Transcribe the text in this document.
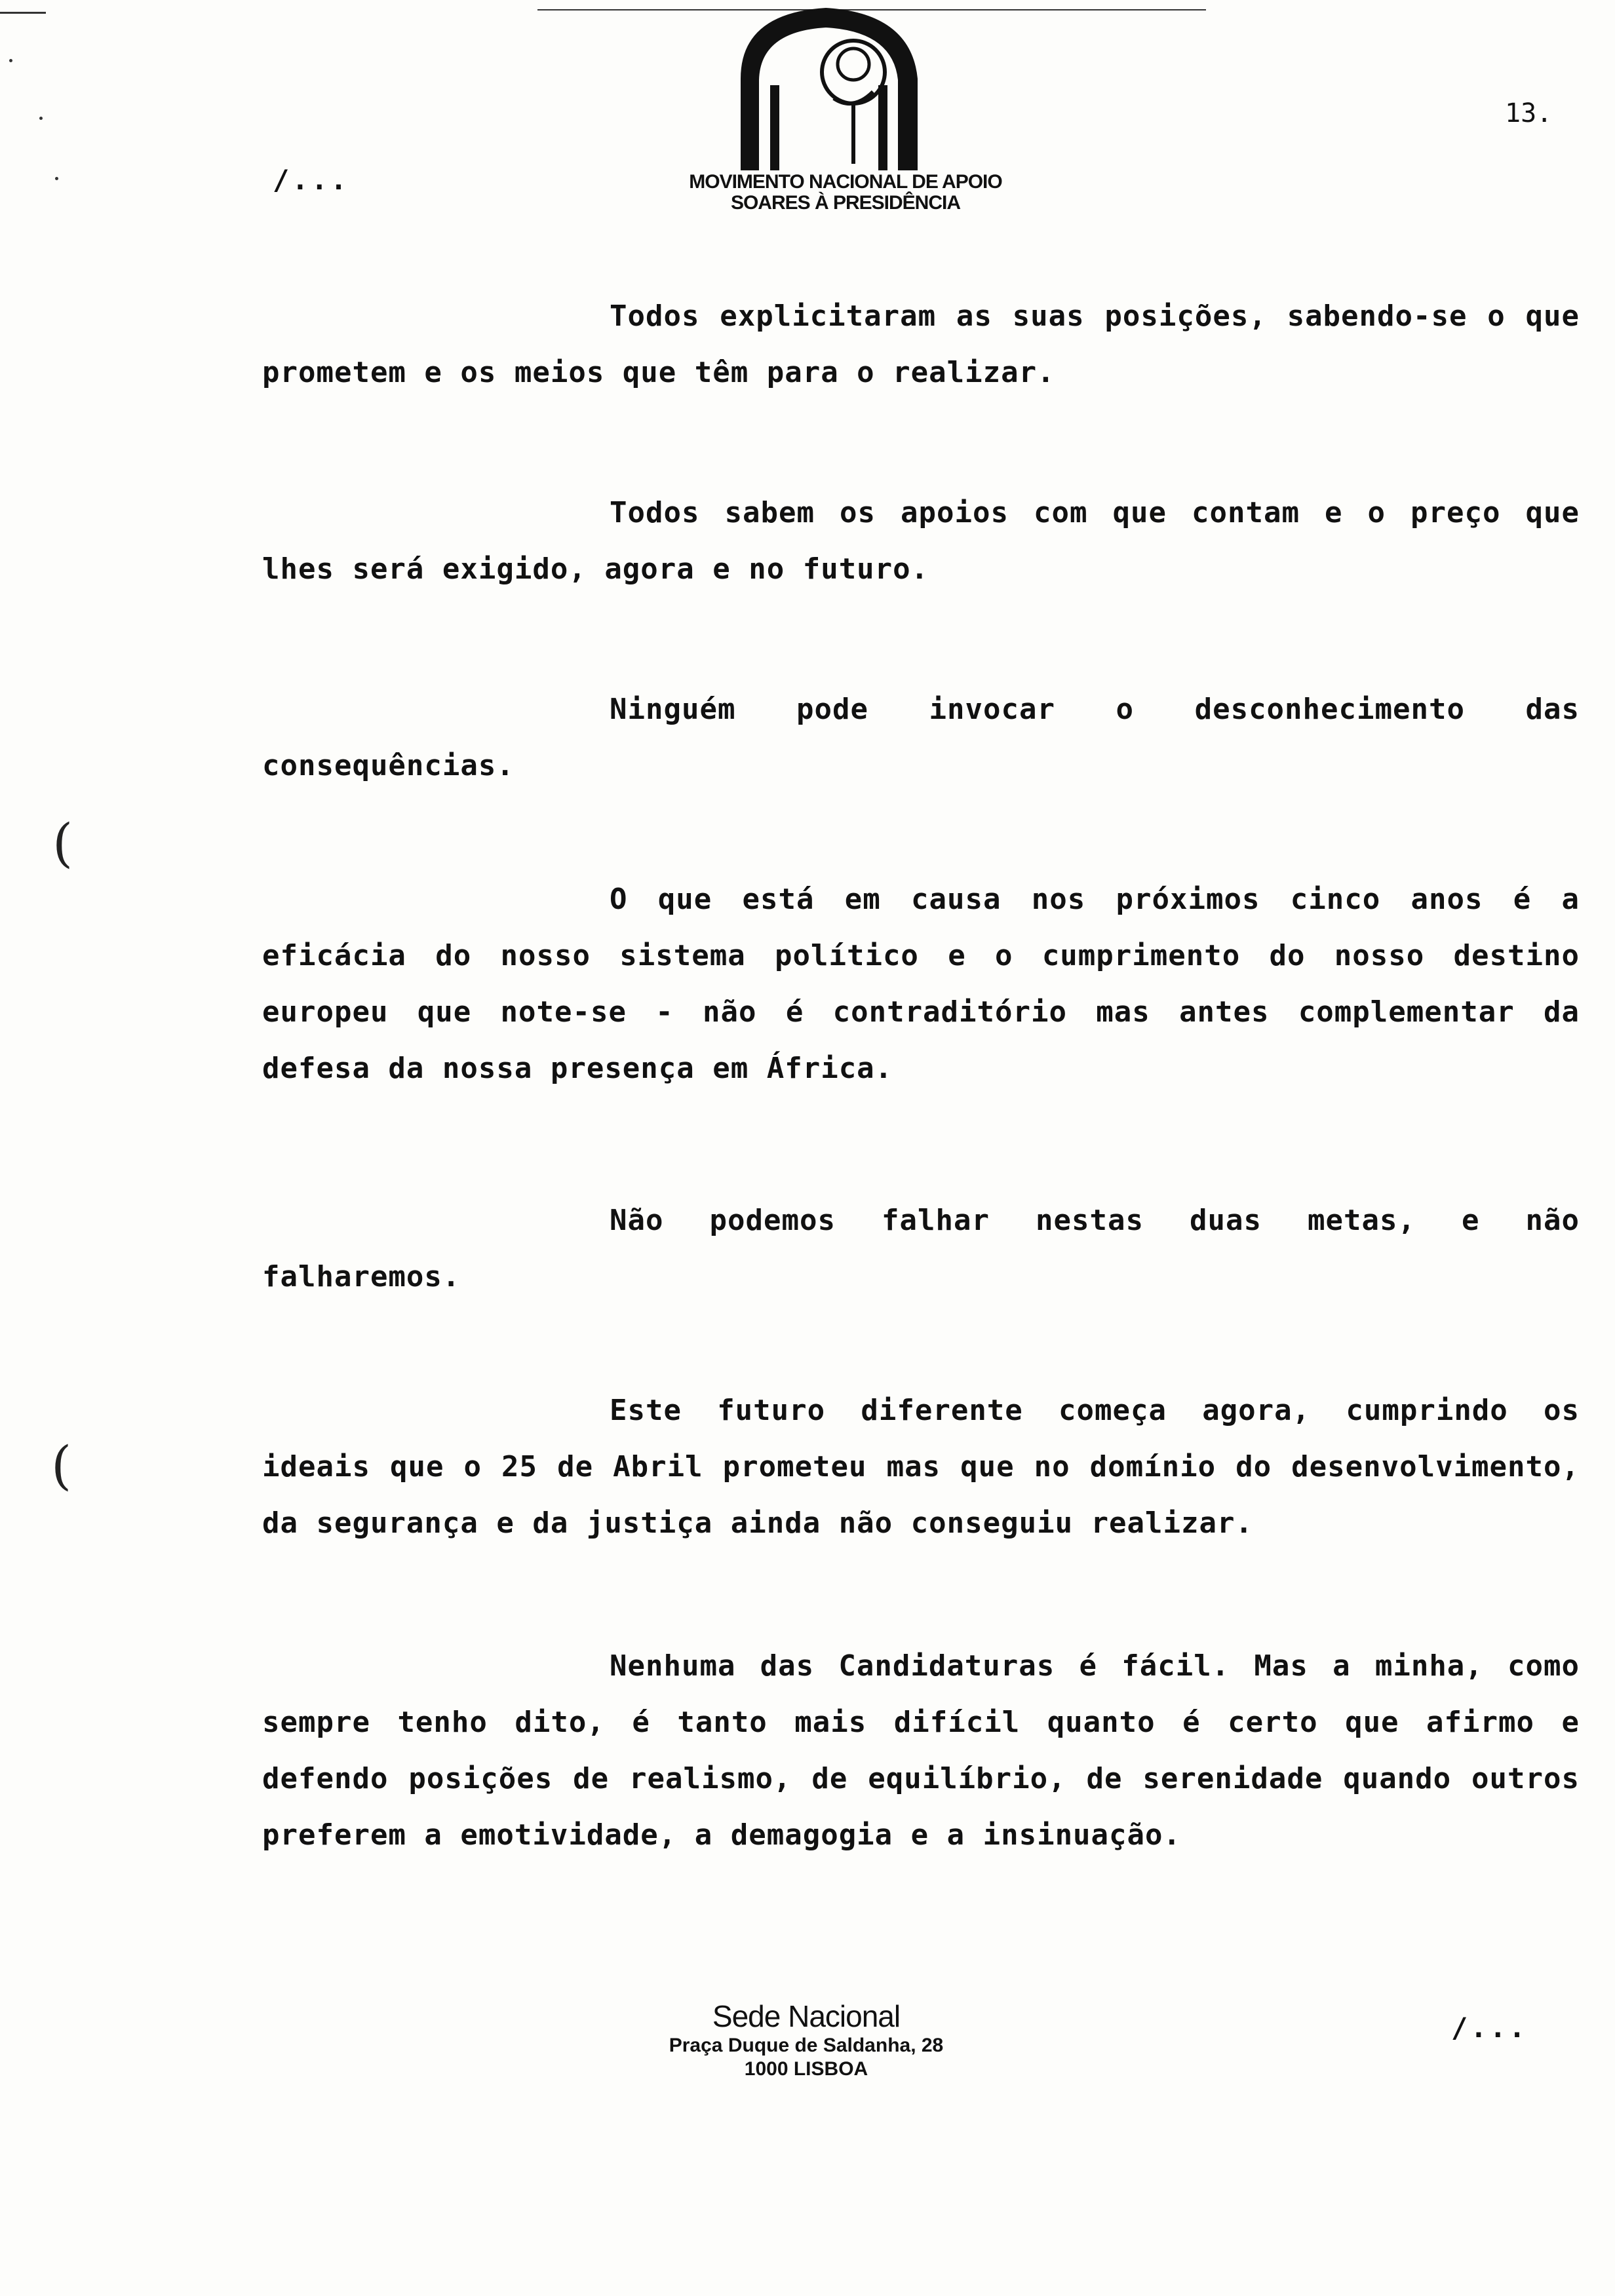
(
(
MOVIMENTO NACIONAL DE APOIO
SOARES À PRESIDÊNCIA
13.
/...

Todos explicitaram as suas posições, sabendo-se o que prometem e os meios que têm para o realizar.

Todos sabem os apoios com que contam e o preço que lhes será exigido, agora e no futuro.

Ninguém pode invocar o desconhecimento das consequências.

O que está em causa nos próximos cinco anos é a eficácia do nosso sistema político e o cumprimento do nosso destino europeu que note-se - não é contraditório mas antes complementar da defesa da nossa presença em África.

Não podemos falhar nestas duas metas, e não falharemos.

Este futuro diferente começa agora, cumprindo os ideais que o 25 de Abril prometeu mas que no domínio do desenvolvimento, da segurança e da justiça ainda não conseguiu realizar.

Nenhuma das Candidaturas é fácil. Mas a minha, como sempre tenho dito, é tanto mais difícil quanto é certo que afirmo e defendo posições de realismo, de equilíbrio, de serenidade quando outros preferem a emotividade, a demagogia e a insinuação.

Sede Nacional
Praça Duque de Saldanha, 28
1000 LISBOA
/...
